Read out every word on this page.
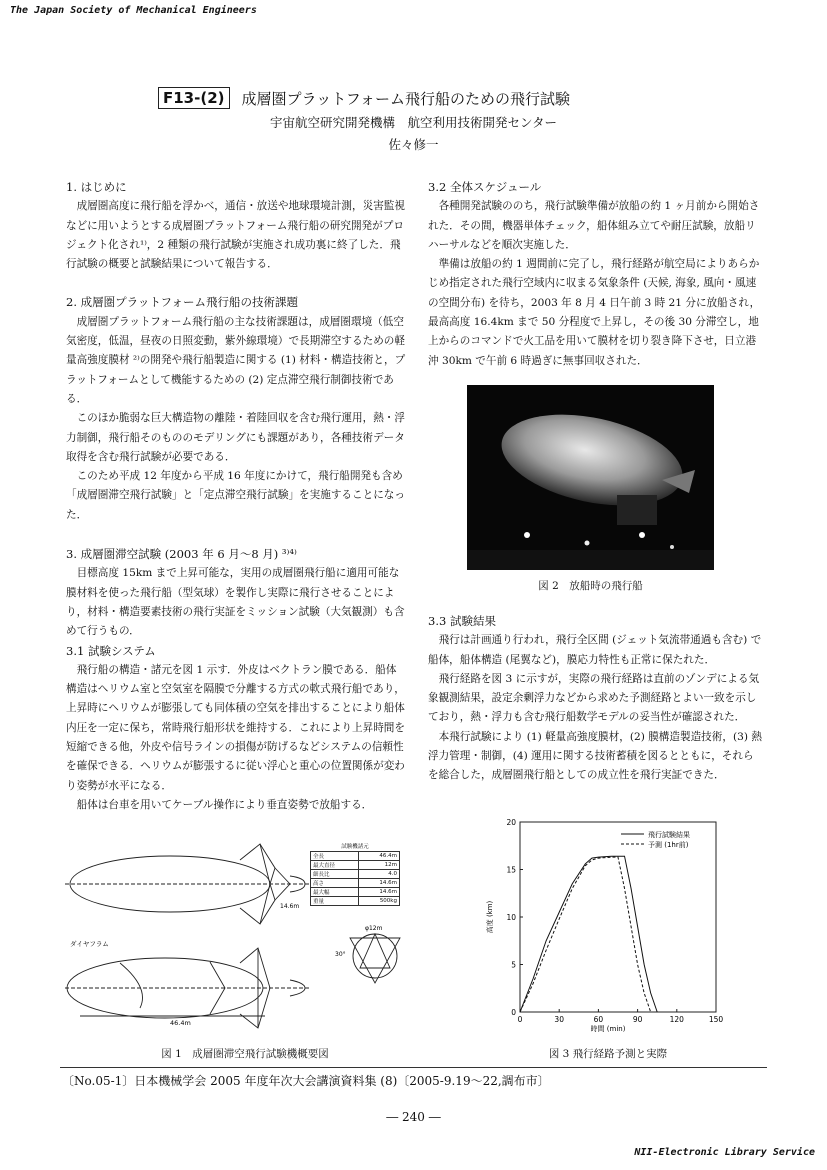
The Japan Society of Mechanical Engineers
F13-(2)	成層圏プラットフォーム飛行船のための飛行試験
宇宙航空研究開発機構　航空利用技術開発センター
佐々修一
1. はじめに

成層圏高度に飛行船を浮かべ，通信・放送や地球環境計測，災害監視などに用いようとする成層圏プラットフォーム飛行船の研究開発がプロジェクト化され¹⁾，2 種類の飛行試験が実施され成功裏に終了した．飛行試験の概要と試験結果について報告する．

2. 成層圏プラットフォーム飛行船の技術課題

成層圏プラットフォーム飛行船の主な技術課題は，成層圏環境（低空気密度，低温，昼夜の日照変動，紫外線環境）で長期滞空するための軽量高強度膜材 ²⁾の開発や飛行船製造に関する (1) 材料・構造技術と，プラットフォームとして機能するための (2) 定点滞空飛行制御技術である．

このほか脆弱な巨大構造物の離陸・着陸回収を含む飛行運用，熱・浮力制御，飛行船そのもののモデリングにも課題があり，各種技術データ取得を含む飛行試験が必要である．

このため平成 12 年度から平成 16 年度にかけて，飛行船開発も含め「成層圏滞空飛行試験」と「定点滞空飛行試験」を実施することになった．

3. 成層圏滞空試験 (2003 年 6 月～8 月) ³⁾⁴⁾

目標高度 15km まで上昇可能な，実用の成層圏飛行船に適用可能な膜材料を使った飛行船（型気球）を製作し実際に飛行させることにより，材料・構造要素技術の飛行実証をミッション試験（大気観測）も含めて行うもの．

3.1 試験システム

飛行船の構造・諸元を図 1 示す．外皮はベクトラン膜である．船体構造はヘリウム室と空気室を隔膜で分離する方式の軟式飛行船であり，上昇時にヘリウムが膨張しても同体積の空気を排出することにより船体内圧を一定に保ち，常時飛行船形状を維持する．これにより上昇時間を短縮できる他，外皮や信号ラインの損傷が防げるなどシステムの信頼性を確保できる．ヘリウムが膨張するに従い浮心と重心の位置関係が変わり姿勢が水平になる．

船体は台車を用いてケーブル操作により垂直姿勢で放船する．

3.2 全体スケジュール

各種開発試験ののち，飛行試験準備が放船の約 1 ヶ月前から開始された．その間，機器単体チェック，船体組み立てや耐圧試験，放船リハーサルなどを順次実施した．

準備は放船の約 1 週間前に完了し，飛行経路が航空局によりあらかじめ指定された飛行空域内に収まる気象条件 (天候, 海象, 風向・風速の空間分布) を待ち，2003 年 8 月 4 日午前 3 時 21 分に放船され，最高高度 16.4km まで 50 分程度で上昇し，その後 30 分滞空し，地上からのコマンドで火工品を用いて膜材を切り裂き降下させ，日立港沖 30km で午前 6 時過ぎに無事回収された．

図 2　放船時の飛行船
3.3 試験結果

飛行は計画通り行われ，飛行全区間 (ジェット気流帯通過も含む) で船体，船体構造 (尾翼など)，膜応力特性も正常に保たれた．

飛行経路を図 3 に示すが，実際の飛行経路は直前のゾンデによる気象観測結果，設定余剰浮力などから求めた予測経路とよい一致を示しており，熱・浮力も含む飛行船数学モデルの妥当性が確認された．

本飛行試験により (1) 軽量高強度膜材，(2) 膜構造製造技術，(3) 熱浮力管理・制御，(4) 運用に関する技術蓄積を図るとともに，それらを総合した，成層圏飛行船としての成立性を飛行実証できた．

ダイヤフラム
46.4m
φ12m
14.6m
30°
試験機諸元
全長	46.4m
最大直径	12m
細長比	4.0
高さ	14.6m
最大幅	14.6m
重量	500kg
図 1　成層圏滞空飛行試験機概要図
0	30	60	90	120	150
0
5
10
15
20
時間 (min)
高度 (km)
飛行試験結果
予測 (1hr前)
図 3 飛行経路予測と実際
〔No.05-1〕日本機械学会 2005 年度年次大会講演資料集 (8)〔2005-9.19～22,調布市〕
― 240 ―
NII-Electronic Library Service
